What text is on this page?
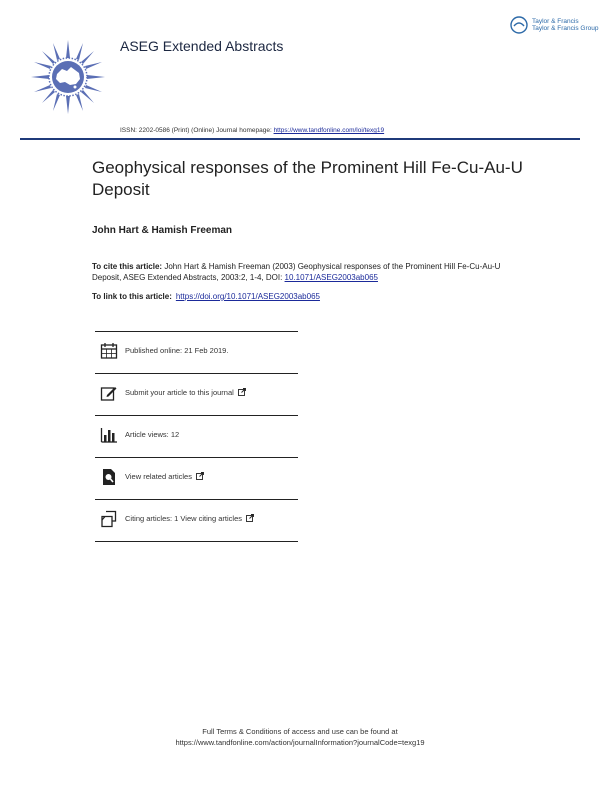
ASEG Extended Abstracts
Taylor & Francis
Taylor & Francis Group
ISSN: 2202-0586 (Print) (Online) Journal homepage: https://www.tandfonline.com/loi/texg19
Geophysical responses of the Prominent Hill Fe-Cu-Au-U Deposit
John Hart & Hamish Freeman
To cite this article: John Hart & Hamish Freeman (2003) Geophysical responses of the Prominent Hill Fe-Cu-Au-U Deposit, ASEG Extended Abstracts, 2003:2, 1-4, DOI: 10.1071/ASEG2003ab065
To link to this article: https://doi.org/10.1071/ASEG2003ab065
Published online: 21 Feb 2019.
Submit your article to this journal
Article views: 12
View related articles
Citing articles: 1 View citing articles
Full Terms & Conditions of access and use can be found at
https://www.tandfonline.com/action/journalInformation?journalCode=texg19
